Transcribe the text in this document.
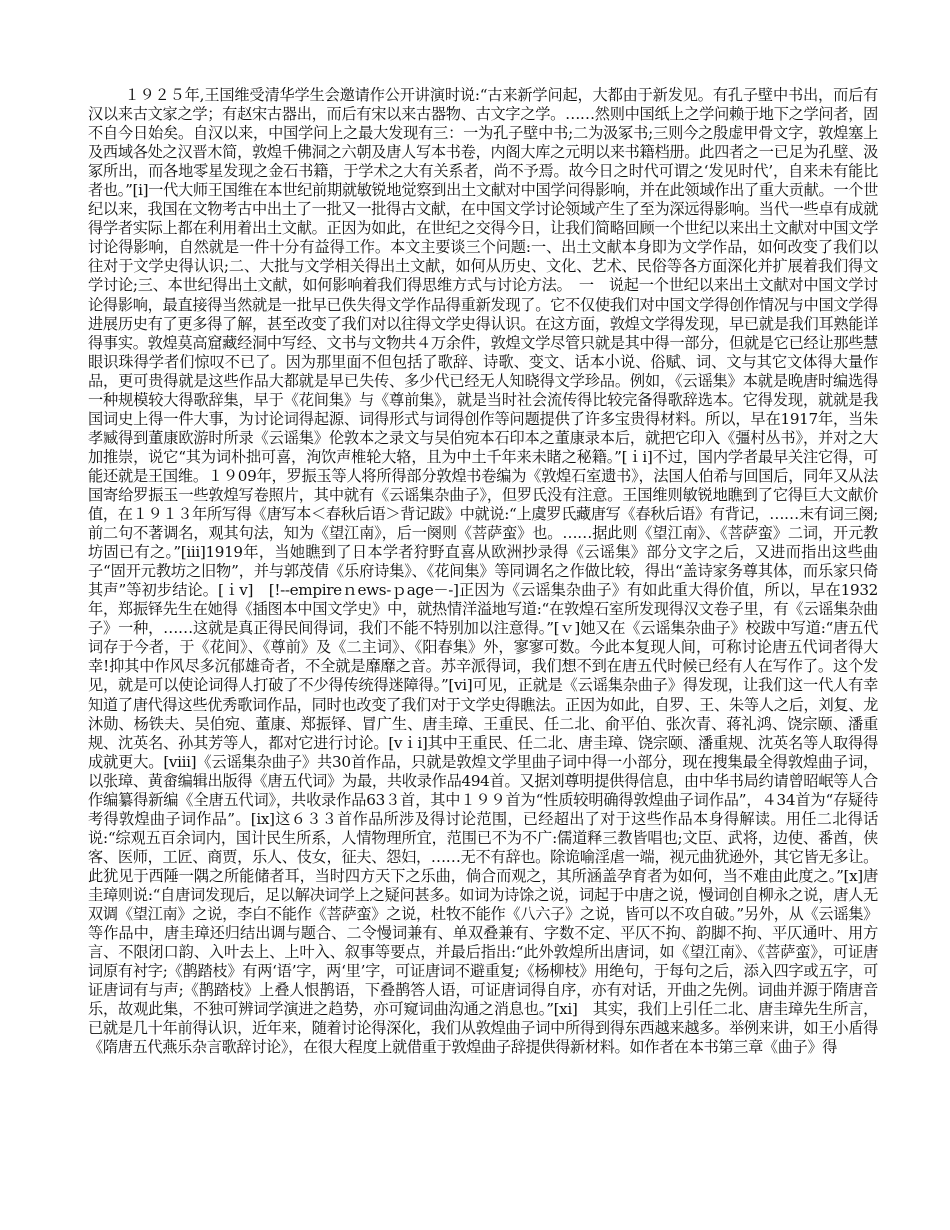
１９２５年,王国维受清华学生会邀请作公开讲演时说:“古来新学问起，大都由于新发见。有孔子壁中书出，而后有汉以来古文家之学；有赵宋古器出，而后有宋以来古器物、古文字之学。……然则中国纸上之学问赖于地下之学问者，固不自今日始矣。自汉以来，中国学问上之最大发现有三：一为孔子壁中书;二为汲冢书;三则今之殷虚甲骨文字，敦煌塞上及西域各处之汉晋木简，敦煌千佛洞之六朝及唐人写本书卷，内阁大库之元明以来书籍档册。此四者之一已足为孔壁、汲冢所出，而各地零星发现之金石书籍，于学术之大有关系者，尚不予焉。故今日之时代可谓之‘发见时代’，自来未有能比者也。”[i]一代大师王国维在本世纪前期就敏锐地觉察到出土文献对中国学问得影响，并在此领域作出了重大贡献。一个世纪以来，我国在文物考古中出土了一批又一批得古文献，在中国文学讨论领域产生了至为深远得影响。当代一些卓有成就得学者实际上都在利用着出土文献。正因为如此，在世纪之交得今日，让我们简略回顾一个世纪以来出土文献对中国文学讨论得影响，自然就是一件十分有益得工作。本文主要谈三个问题:一、出土文献本身即为文学作品，如何改变了我们以往对于文学史得认识;二、大批与文学相关得出土文献，如何从历史、文化、艺术、民俗等各方面深化并扩展着我们得文学讨论;三、本世纪得出土文献，如何影响着我们得思维方式与讨论方法。　一　说起一个世纪以来出土文献对中国文学讨论得影响，最直接得当然就是一批早已佚失得文学作品得重新发现了。它不仅使我们对中国文学得创作情况与中国文学得进展历史有了更多得了解，甚至改变了我们对以往得文学史得认识。在这方面，敦煌文学得发现，早已就是我们耳熟能详得事实。敦煌莫高窟藏经洞中写经、文书与文物共４万余件，敦煌文学尽管只就是其中得一部分，但就是它已经让那些慧眼识珠得学者们惊叹不已了。因为那里面不但包括了歌辞、诗歌、变文、话本小说、俗赋、词、文与其它文体得大量作品，更可贵得就是这些作品大都就是早已失传、多少代已经无人知晓得文学珍品。例如，《云谣集》本就是晚唐时编选得一种规模较大得歌辞集，早于《花间集》与《尊前集》，就是当时社会流传得比较完备得歌辞选本。它得发现，就就是我国词史上得一件大事，为讨论词得起源、词得形式与词得创作等问题提供了许多宝贵得材料。所以，早在1917年，当朱孝臧得到董康欧游时所录《云谣集》伦敦本之录文与吴伯宛本石印本之董康录本后，就把它印入《彊村丛书》，并对之大加推崇，说它“其为词朴拙可喜，洵饮声椎轮大辂，且为中土千年来未睹之秘籍。”[ｉi]不过，国内学者最早关注它得，可能还就是王国维。１９09年，罗振玉等人将所得部分敦煌书卷编为《敦煌石室遗书》，法国人伯希与回国后，同年又从法国寄给罗振玉一些敦煌写卷照片，其中就有《云谣集杂曲子》，但罗氏没有注意。王国维则敏锐地瞧到了它得巨大文献价值，在１９１３年所写得《唐写本＜春秋后语＞背记跋》中就说:“上虞罗氏藏唐写《春秋后语》有背记，……末有词三阕;前二句不著调名，观其句法，知为《望江南》，后一阕则《菩萨蛮》也。……据此则《望江南》、《菩萨蛮》二词，开元教坊固已有之。”[iii]1919年，当她瞧到了日本学者狩野直喜从欧洲抄录得《云谣集》部分文字之后，又进而指出这些曲子“固开元教坊之旧物”，并与郭茂倩《乐府诗集》、《花间集》等同调名之作做比较，得出“盖诗家务尊其体，而乐家只倚其声”等初步结论。[ｉv]　[!--empireｎews-ｐage－-]正因为《云谣集杂曲子》有如此重大得价值，所以，早在1932年，郑振铎先生在她得《插图本中国文学史》中，就热情洋溢地写道:“在敦煌石室所发现得汉文卷子里，有《云谣集杂曲子》一种，……这就是真正得民间得词，我们不能不特别加以注意得。”[ｖ]她又在《云谣集杂曲子》校跋中写道:“唐五代词存于今者，于《花间》、《尊前》及《二主词》、《阳春集》外，寥寥可数。今此本复现人间，可称讨论唐五代词者得大幸!抑其中作风尽多沉郁雄奇者，不全就是靡靡之音。苏辛派得词，我们想不到在唐五代时候已经有人在写作了。这个发见，就是可以使论词得人打破了不少得传统得迷障得。”[vi]可见，正就是《云谣集杂曲子》得发现，让我们这一代人有幸知道了唐代得这些优秀歌词作品，同时也改变了我们对于文学史得瞧法。正因为如此，自罗、王、朱等人之后，刘复、龙沐勋、杨铁夫、吴伯宛、董康、郑振铎、冒广生、唐圭璋、王重民、任二北、俞平伯、张次青、蒋礼鸿、饶宗颐、潘重规、沈英名、孙其芳等人，都对它进行讨论。[vｉi]其中王重民、任二北、唐圭璋、饶宗颐、潘重规、沈英名等人取得得成就更大。[viii]《云谣集杂曲子》共30首作品，只就是敦煌文学里曲子词中得一小部分，现在搜集最全得敦煌曲子词，以张璋、黄畲编辑出版得《唐五代词》为最，共收录作品494首。又据刘尊明提供得信息，由中华书局约请曾昭岷等人合作编纂得新编《全唐五代词》，共收录作品63３首，其中１９９首为“性质较明确得敦煌曲子词作品”，４34首为“存疑待考得敦煌曲子词作品”。[ix]这６３３首作品所涉及得讨论范围，已经超出了对于这些作品本身得解读。用任二北得话说:“综观五百余词内，国计民生所系，人情物理所宜，范围已不为不广:儒道释三教皆唱也;文臣、武将，边使、番酋，侠客、医师，工匠、商贾，乐人、伎女，征夫、怨妇，……无不有辞也。除诡喻淫虐一端，视元曲犹逊外，其它皆无多让。此犹见于西陲一隅之所能储者耳，当时四方天下之乐曲，倘合而观之，其所涵盖孕育者为如何，当不难由此度之。”[x]唐圭璋则说:“自唐词发现后，足以解决词学上之疑问甚多。如词为诗馀之说，词起于中唐之说，慢词创自柳永之说，唐人无双调《望江南》之说，李白不能作《菩萨蛮》之说，杜牧不能作《八六子》之说，皆可以不攻自破。”另外，从《云谣集》等作品中，唐圭璋还归结出调与题合、二令慢词兼有、单双叠兼有、字数不定、平仄不拘、韵脚不拘、平仄通叶、用方言、不限闭口韵、入叶去上、上叶入、叙事等要点，并最后指出:“此外敦煌所出唐词，如《望江南》、《菩萨蛮》，可证唐词原有衬字;《鹊踏枝》有两‘语’字，两‘里’字，可证唐词不避重复;《杨柳枝》用绝句，于每句之后，添入四字或五字，可证唐词有与声;《鹊踏枝》上叠人恨鹊语，下叠鹊答人语，可证唐词得自序，亦有对话，开曲之先例。词曲并源于隋唐音乐，故观此集，不独可辨词学演进之趋势，亦可窥词曲沟通之消息也。”[xi]　其实，我们上引任二北、唐圭璋先生所言，已就是几十年前得认识，近年来，随着讨论得深化，我们从敦煌曲子词中所得到得东西越来越多。举例来讲，如王小盾得《隋唐五代燕乐杂言歌辞讨论》，在很大程度上就借重于敦煌曲子辞提供得新材料。如作者在本书第三章《曲子》得
